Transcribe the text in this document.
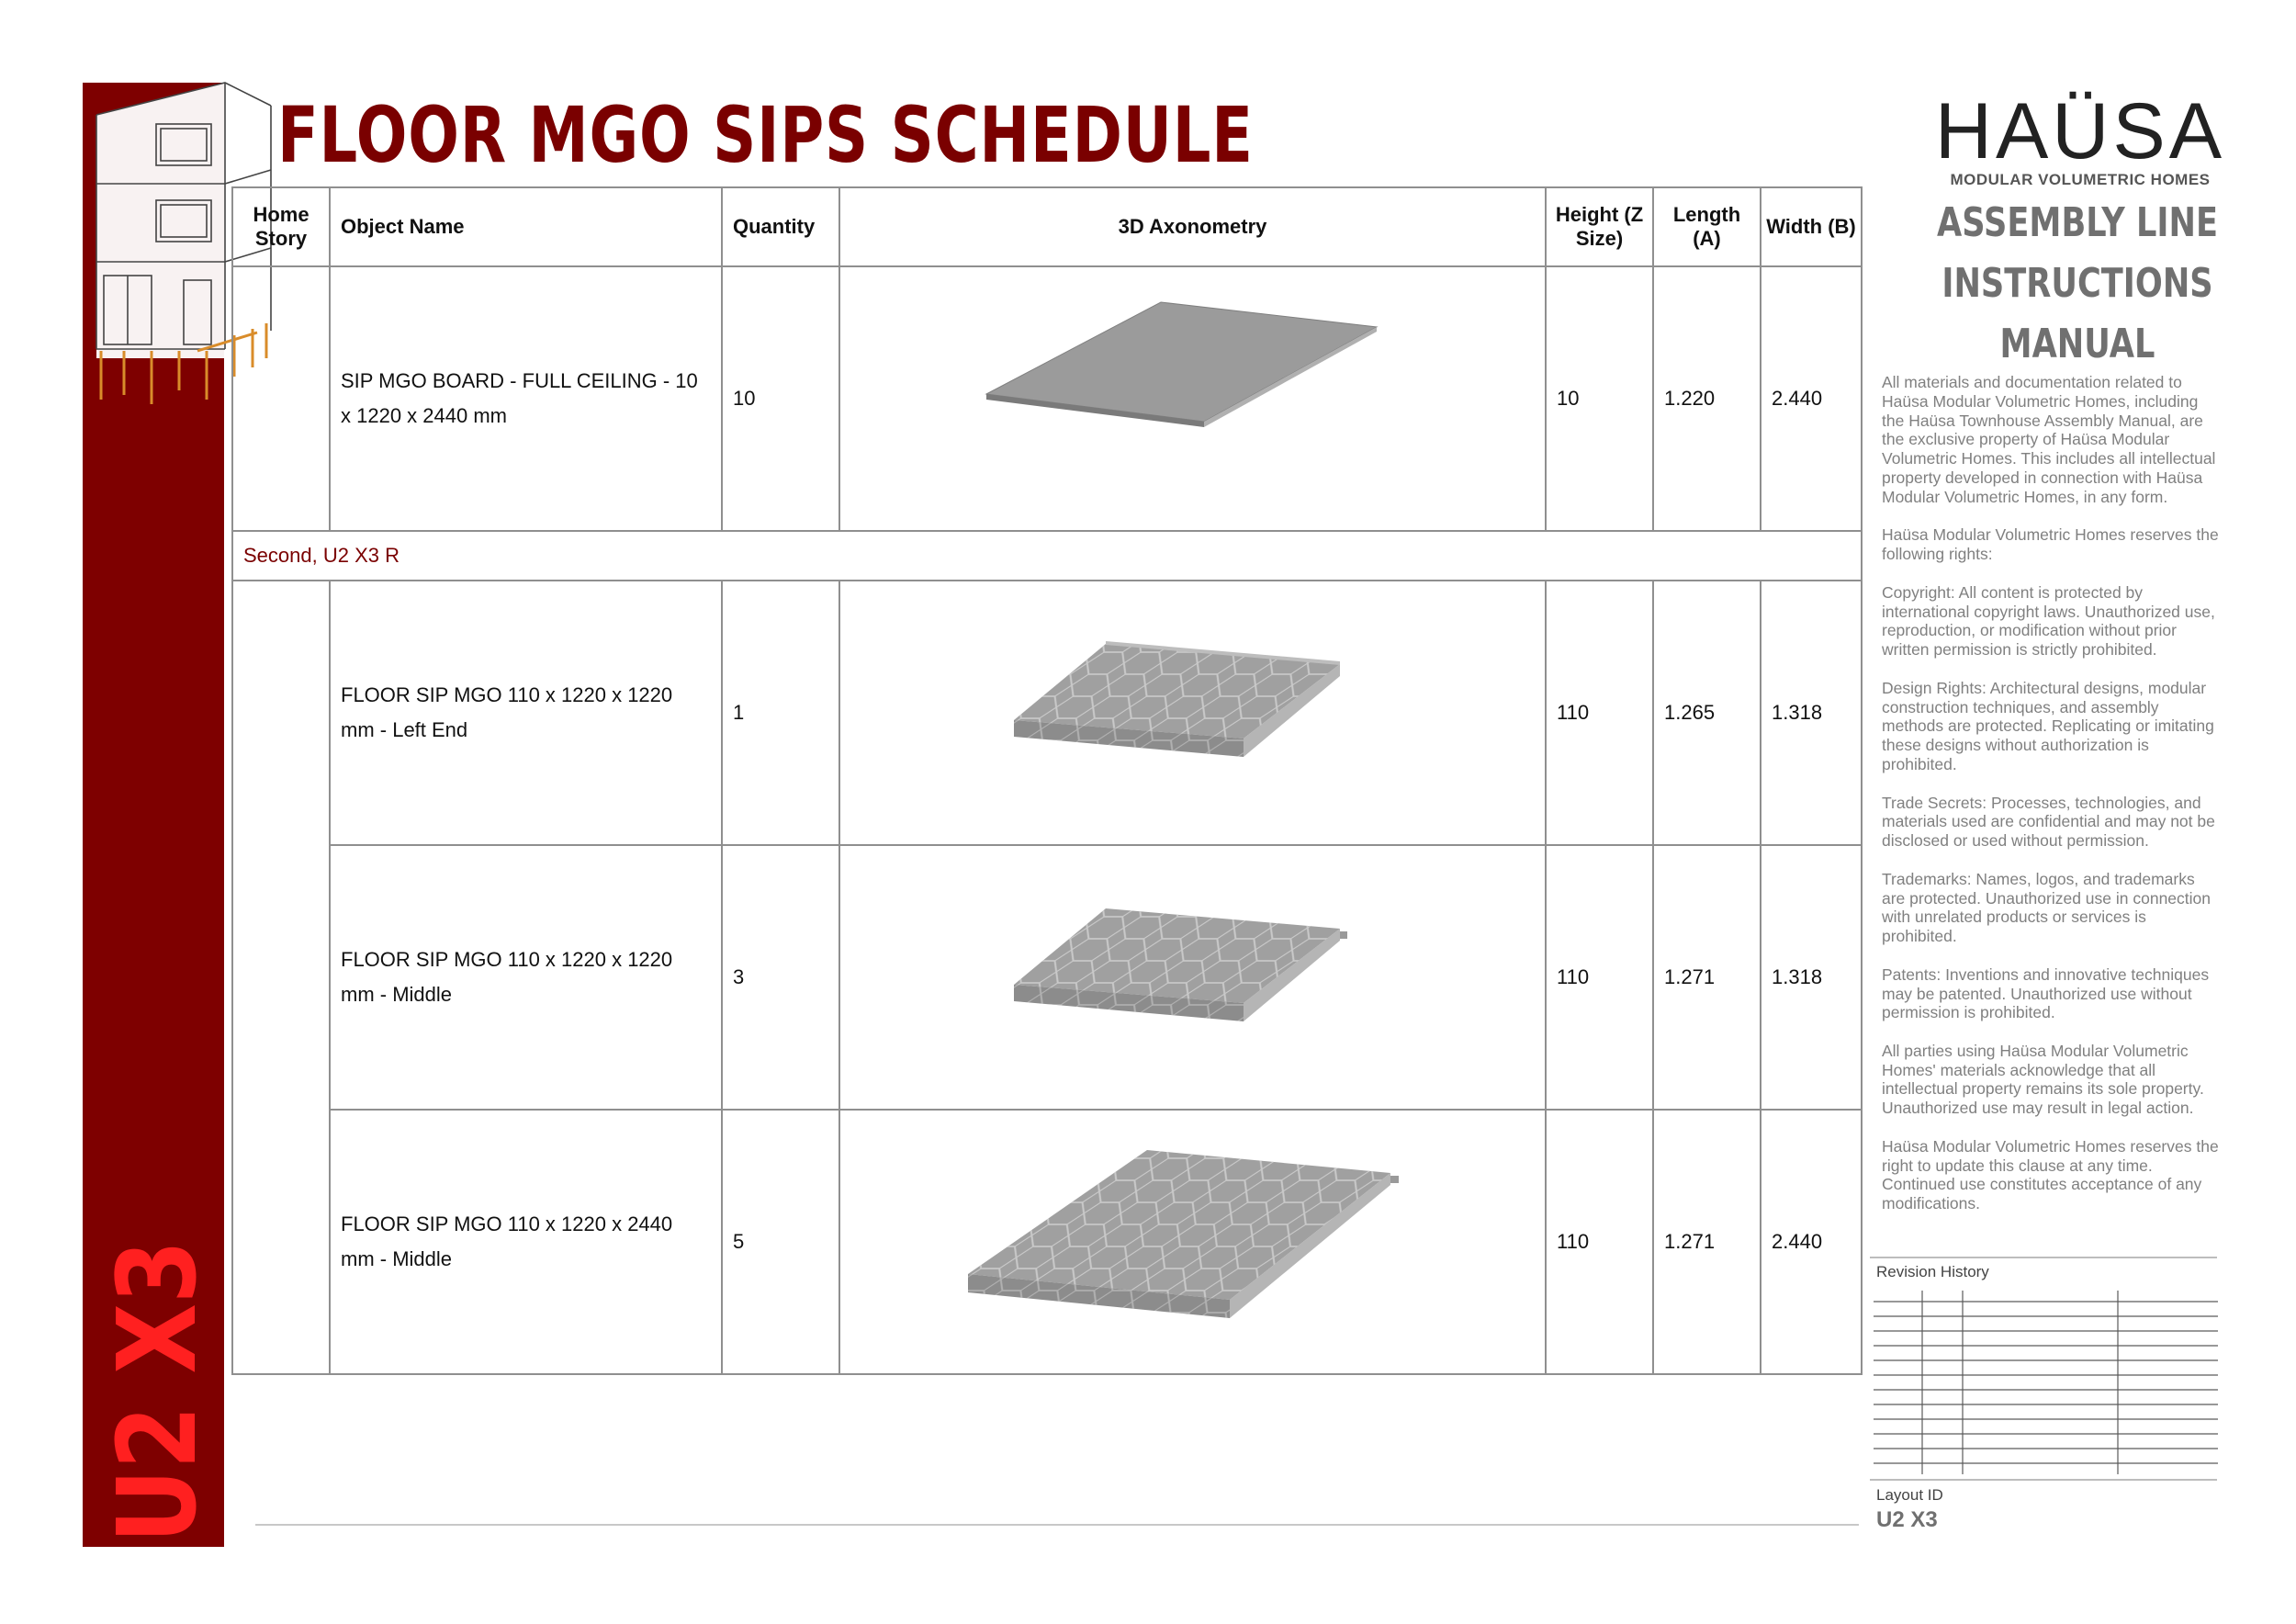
U2 X3
FLOOR MGO SIPS SCHEDULE
Home Story	Object Name	Quantity	3D Axonometry	Height (Z Size)	Length (A)	Width (B)
	SIP MGO BOARD - FULL CEILING - 10 x 1220 x 2440 mm	10		10	1.220	2.440
Second, U2 X3 R						
	FLOOR SIP MGO 110 x 1220 x 1220 mm - Left End	1		110	1.265	1.318
	FLOOR SIP MGO 110 x 1220 x 1220 mm - Middle	3		110	1.271	1.318
	FLOOR SIP MGO 110 x 1220 x 2440 mm - Middle	5		110	1.271	2.440
HAÜSA
MODULAR VOLUMETRIC HOMES
ASSEMBLY LINE
INSTRUCTIONS
MANUAL

All materials and documentation related to Haüsa Modular Volumetric Homes, including the Haüsa Townhouse Assembly Manual, are the exclusive property of Haüsa Modular Volumetric Homes. This includes all intellectual property developed in connection with Haüsa Modular Volumetric Homes, in any form.

Haüsa Modular Volumetric Homes reserves the following rights:

Copyright: All content is protected by international copyright laws. Unauthorized use, reproduction, or modification without prior written permission is strictly prohibited.

Design Rights: Architectural designs, modular construction techniques, and assembly methods are protected. Replicating or imitating these designs without authorization is prohibited.

Trade Secrets: Processes, technologies, and materials used are confidential and may not be disclosed or used without permission.

Trademarks: Names, logos, and trademarks are protected. Unauthorized use in connection with unrelated products or services is prohibited.

Patents: Inventions and innovative techniques may be patented. Unauthorized use without permission is prohibited.

All parties using Haüsa Modular Volumetric Homes' materials acknowledge that all intellectual property remains its sole property. Unauthorized use may result in legal action.

Haüsa Modular Volumetric Homes reserves the right to update this clause at any time. Continued use constitutes acceptance of any modifications.

Revision History
Layout ID
U2 X3
